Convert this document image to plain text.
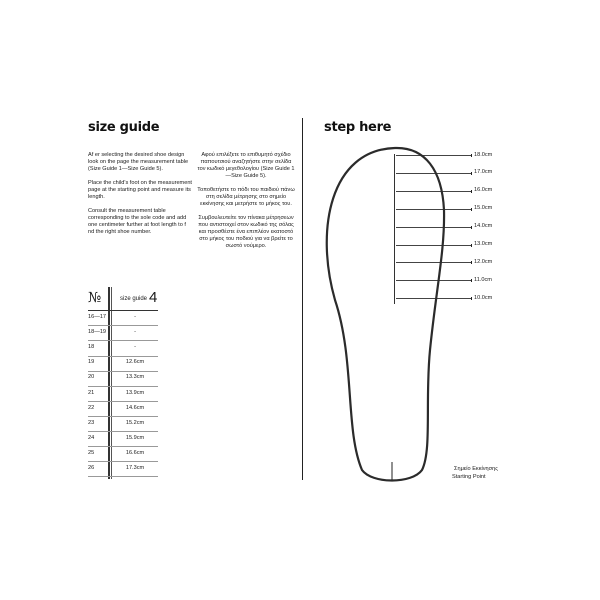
size guide	step here

Af er selecting the desired shoe design look on the page the measurement table (Size Guide 1—Size Guide 5).

Place the child's foot on the measurement page at the starting point and measure its length.

Consult the measurement table corresponding to the sole code and add one centimeter further at foot length to f nd the right shoe number.

Αφού επιλέξετε το επιθυμητό σχέδιο παπουτσιού αναζητήστε στην σελίδα τον κωδικό μεγεθολογίου (Size Guide 1—Size Guide 5).

Τοποθετήστε το πόδι του παιδιού πάνω στη σελίδα μέτρησης στο σημείο εκκίνησης και μετρήστε το μήκος του.

Συμβουλευτείτε τον πίνακα μέτρησεων που αντιστοιχεί στον κωδικό της σόλας και προσθέστε ένα επιπλέον εκατοστό στο μήκος του ποδιού για να βρείτε το σωστό νούμερο.

№	size guide 4
16—17	-
18—19	-
18	-
19	12.6cm
20	13.3cm
21	13.9cm
22	14.6cm
23	15.2cm
24	15.9cm
25	16.6cm
26	17.3cm
18.0cm
17.0cm
16.0cm
15.0cm
14.0cm
13.0cm
12.0cm
11.0cm
10.0cm
Σημείο Εκκίνησης
Starting Point
